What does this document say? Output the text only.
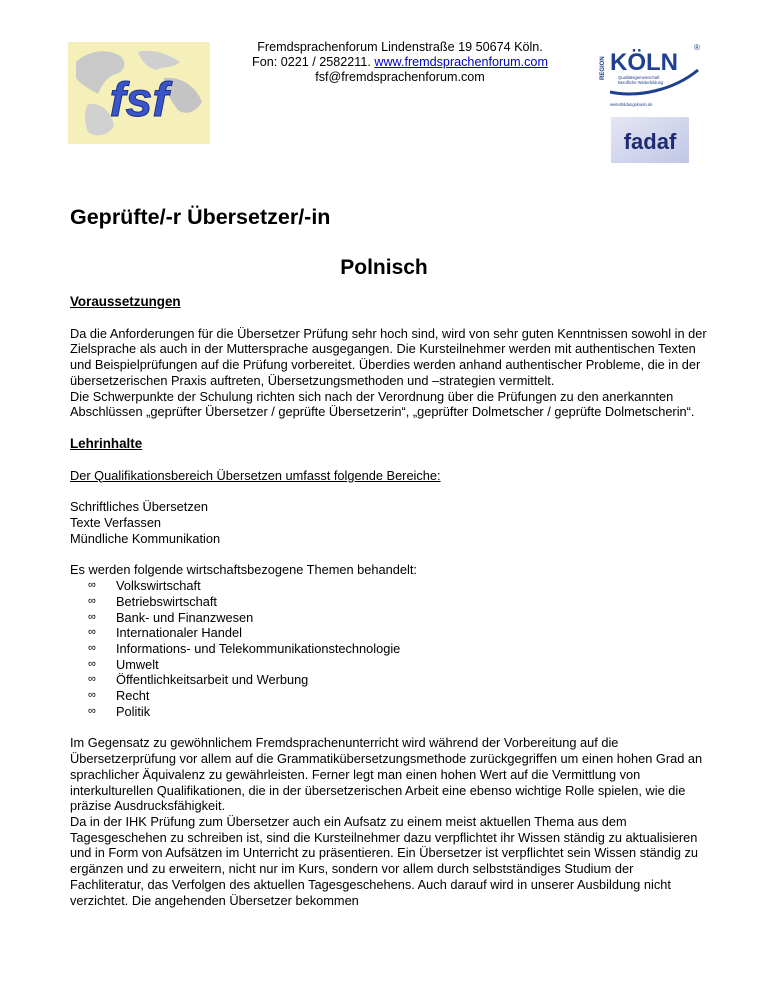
fsf
Fremdsprachenforum Lindenstraße 19 50674 Köln.
Fon: 0221 / 2582211. www.fremdsprachenforum.com
fsf@fremdsprachenforum.com	REGION KÖLN
®
Qualitätsgemeinschaft
Berufliche Weiterbildung
weiterbildungskoeln.de
fadaf
Geprüfte/-r Übersetzer/-in
Polnisch
Voraussetzungen

Da die Anforderungen für die Übersetzer Prüfung sehr hoch sind, wird von sehr guten Kenntnissen sowohl in der Zielsprache als auch in der Muttersprache ausgegangen. Die Kursteilnehmer werden mit authentischen Texten und Beispielprüfungen auf die Prüfung vorbereitet. Überdies werden anhand authentischer Probleme, die in der übersetzerischen Praxis auftreten, Übersetzungsmethoden und –strategien vermittelt.

Die Schwerpunkte der Schulung richten sich nach der Verordnung über die Prüfungen zu den anerkannten Abschlüssen „geprüfter Übersetzer / geprüfte Übersetzerin“, „geprüfter Dolmetscher / geprüfte Dolmetscherin“.

Lehrinhalte

Der Qualifikationsbereich Übersetzen umfasst folgende Bereiche:

Schriftliches Übersetzen
Texte Verfassen
Mündliche Kommunikation

Es werden folgende wirtschaftsbezogene Themen behandelt:

∞ Volkswirtschaft
∞ Betriebswirtschaft
∞ Bank- und Finanzwesen
∞ Internationaler Handel
∞ Informations- und Telekommunikationstechnologie
∞ Umwelt
∞ Öffentlichkeitsarbeit und Werbung
∞ Recht
∞ Politik

Im Gegensatz zu gewöhnlichem Fremdsprachenunterricht wird während der Vorbereitung auf die Übersetzerprüfung vor allem auf die Grammatikübersetzungsmethode zurückgegriffen um einen hohen Grad an sprachlicher Äquivalenz zu gewährleisten. Ferner legt man einen hohen Wert auf die Vermittlung von interkulturellen Qualifikationen, die in der übersetzerischen Arbeit eine ebenso wichtige Rolle spielen, wie die präzise Ausdrucksfähigkeit.

Da in der IHK Prüfung zum Übersetzer auch ein Aufsatz zu einem meist aktuellen Thema aus dem Tagesgeschehen zu schreiben ist, sind die Kursteilnehmer dazu verpflichtet ihr Wissen ständig zu aktualisieren und in Form von Aufsätzen im Unterricht zu präsentieren. Ein Übersetzer ist verpflichtet sein Wissen ständig zu ergänzen und zu erweitern, nicht nur im Kurs, sondern vor allem durch selbstständiges Studium der Fachliteratur, das Verfolgen des aktuellen Tagesgeschehens. Auch darauf wird in unserer Ausbildung nicht verzichtet. Die angehenden Übersetzer bekommen
